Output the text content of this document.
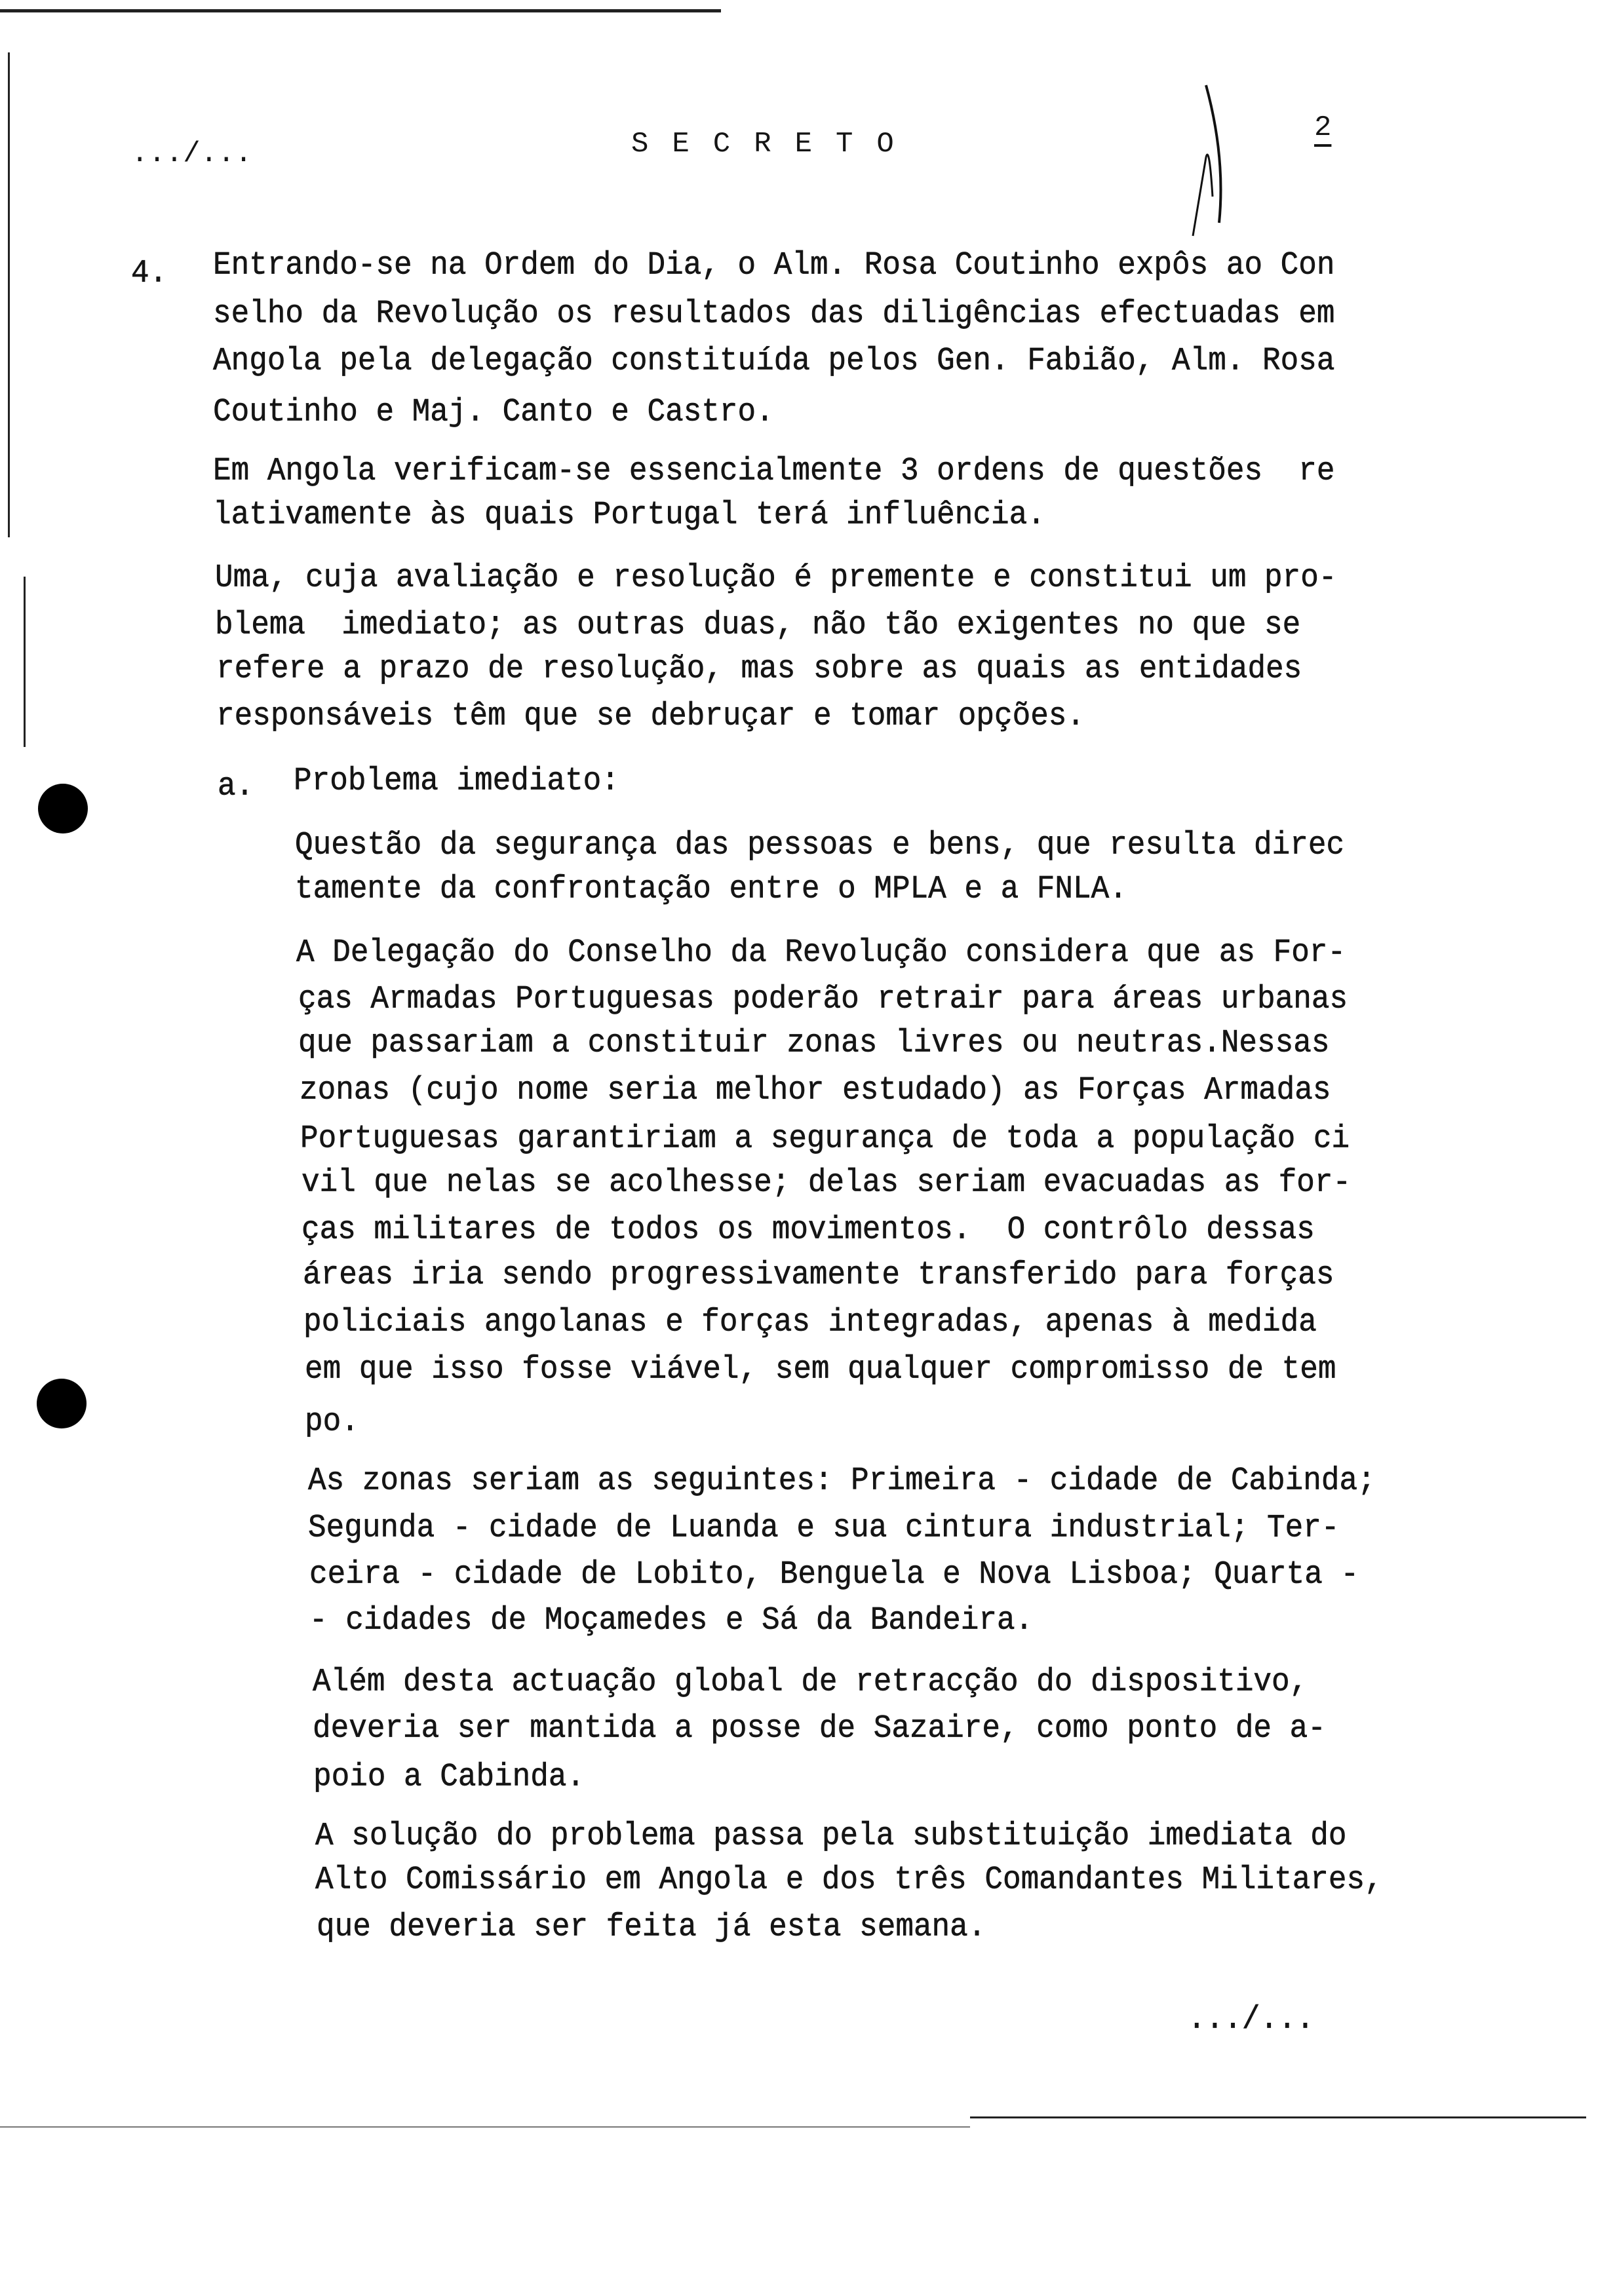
.../...	SECRETO	2
4. Entrando-se na Ordem do Dia, o Alm. Rosa Coutinho expôs ao Con
selho da Revolução os resultados das diligências efectuadas em
Angola pela delegação constituída pelos Gen. Fabião, Alm. Rosa
Coutinho e Maj. Canto e Castro.
Em Angola verificam-se essencialmente 3 ordens de questões  re
lativamente às quais Portugal terá influência.
Uma, cuja avaliação e resolução é premente e constitui um pro-
blema  imediato; as outras duas, não tão exigentes no que se
refere a prazo de resolução, mas sobre as quais as entidades
responsáveis têm que se debruçar e tomar opções.
a. Problema imediato:
Questão da segurança das pessoas e bens, que resulta direc
tamente da confrontação entre o MPLA e a FNLA.
A Delegação do Conselho da Revolução considera que as For-
ças Armadas Portuguesas poderão retrair para áreas urbanas
que passariam a constituir zonas livres ou neutras.Nessas
zonas (cujo nome seria melhor estudado) as Forças Armadas
Portuguesas garantiriam a segurança de toda a população ci
vil que nelas se acolhesse; delas seriam evacuadas as for-
ças militares de todos os movimentos.  O contrôlo dessas
áreas iria sendo progressivamente transferido para forças
policiais angolanas e forças integradas, apenas à medida
em que isso fosse viável, sem qualquer compromisso de tem
po.
As zonas seriam as seguintes: Primeira - cidade de Cabinda;
Segunda - cidade de Luanda e sua cintura industrial; Ter-
ceira - cidade de Lobito, Benguela e Nova Lisboa; Quarta -
- cidades de Moçamedes e Sá da Bandeira.
Além desta actuação global de retracção do dispositivo,
deveria ser mantida a posse de Sazaire, como ponto de a-
poio a Cabinda.
A solução do problema passa pela substituição imediata do
Alto Comissário em Angola e dos três Comandantes Militares,
que deveria ser feita já esta semana.
.../...
